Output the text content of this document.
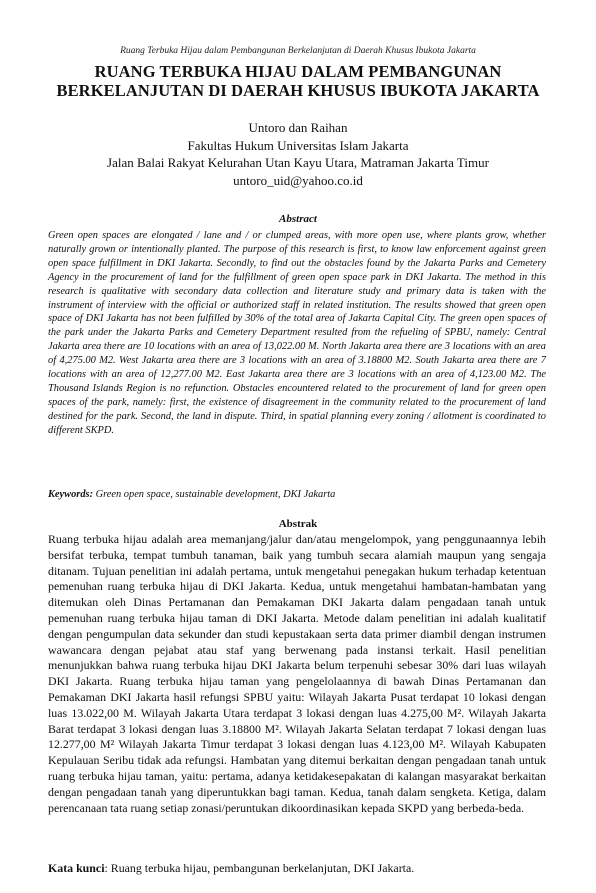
Ruang Terbuka Hijau dalam Pembangunan Berkelanjutan di Daerah Khusus Ibukota Jakarta
RUANG TERBUKA HIJAU DALAM PEMBANGUNAN
BERKELANJUTAN DI DAERAH KHUSUS IBUKOTA JAKARTA
Untoro dan Raihan
Fakultas Hukum Universitas Islam Jakarta
Jalan Balai Rakyat Kelurahan Utan Kayu Utara, Matraman Jakarta Timur
untoro_uid@yahoo.co.id
Abstract
Green open spaces are elongated / lane and / or clumped areas, with more open use, where plants grow, whether naturally grown or intentionally planted. The purpose of this research is first, to know law enforcement against green open space fulfillment in DKI Jakarta. Secondly, to find out the obstacles found by the Jakarta Parks and Cemetery Agency in the procurement of land for the fulfillment of green open space park in DKI Jakarta. The method in this research is qualitative with secondary data collection and literature study and primary data is taken with the instrument of interview with the official or authorized staff in related institution. The results showed that green open space of DKI Jakarta has not been fulfilled by 30% of the total area of Jakarta Capital City. The green open spaces of the park under the Jakarta Parks and Cemetery Department resulted from the refueling of SPBU, namely: Central Jakarta area there are 10 locations with an area of 13,022.00 M. North Jakarta area there are 3 locations with an area of 4,275.00 M2. West Jakarta area there are 3 locations with an area of 3.18800 M2. South Jakarta area there are 7 locations with an area of 12,277.00 M2. East Jakarta area there are 3 locations with an area of 4,123.00 M2. The Thousand Islands Region is no refunction. Obstacles encountered related to the procurement of land for green open spaces of the park, namely: first, the existence of disagreement in the community related to the procurement of land destined for the park. Second, the land in dispute. Third, in spatial planning every zoning / allotment is coordinated to different SKPD.
Keywords: Green open space, sustainable development, DKI Jakarta
Abstrak
Ruang terbuka hijau adalah area memanjang/jalur dan/atau mengelompok, yang penggunaannya lebih bersifat terbuka, tempat tumbuh tanaman, baik yang tumbuh secara alamiah maupun yang sengaja ditanam. Tujuan penelitian ini adalah pertama, untuk mengetahui penegakan hukum terhadap ketentuan pemenuhan ruang terbuka hijau di DKI Jakarta. Kedua, untuk mengetahui hambatan-hambatan yang ditemukan oleh Dinas Pertamanan dan Pemakaman DKI Jakarta dalam pengadaan tanah untuk pemenuhan ruang terbuka hijau taman di DKI Jakarta. Metode dalam penelitian ini adalah kualitatif dengan pengumpulan data sekunder dan studi kepustakaan serta data primer diambil dengan instrumen wawancara dengan pejabat atau staf yang berwenang pada instansi terkait. Hasil penelitian menunjukkan bahwa ruang terbuka hijau DKI Jakarta belum terpenuhi sebesar 30% dari luas wilayah DKI Jakarta. Ruang terbuka hijau taman yang pengelolaannya di bawah Dinas Pertamanan dan Pemakaman DKI Jakarta hasil refungsi SPBU yaitu: Wilayah Jakarta Pusat terdapat 10 lokasi dengan luas 13.022,00 M. Wilayah Jakarta Utara terdapat 3 lokasi dengan luas 4.275,00 M². Wilayah Jakarta Barat terdapat 3 lokasi dengan luas 3.18800 M². Wilayah Jakarta Selatan terdapat 7 lokasi dengan luas 12.277,00 M² Wilayah Jakarta Timur terdapat 3 lokasi dengan luas 4.123,00 M². Wilayah Kabupaten Kepulauan Seribu tidak ada refungsi. Hambatan yang ditemui berkaitan dengan pengadaan tanah untuk ruang terbuka hijau taman, yaitu: pertama, adanya ketidakesepakatan di kalangan masyarakat berkaitan dengan pengadaan tanah yang diperuntukkan bagi taman. Kedua, tanah dalam sengketa. Ketiga, dalam perencanaan tata ruang setiap zonasi/peruntukan dikoordinasikan kepada SKPD yang berbeda-beda.
Kata kunci: Ruang terbuka hijau, pembangunan berkelanjutan, DKI Jakarta.
